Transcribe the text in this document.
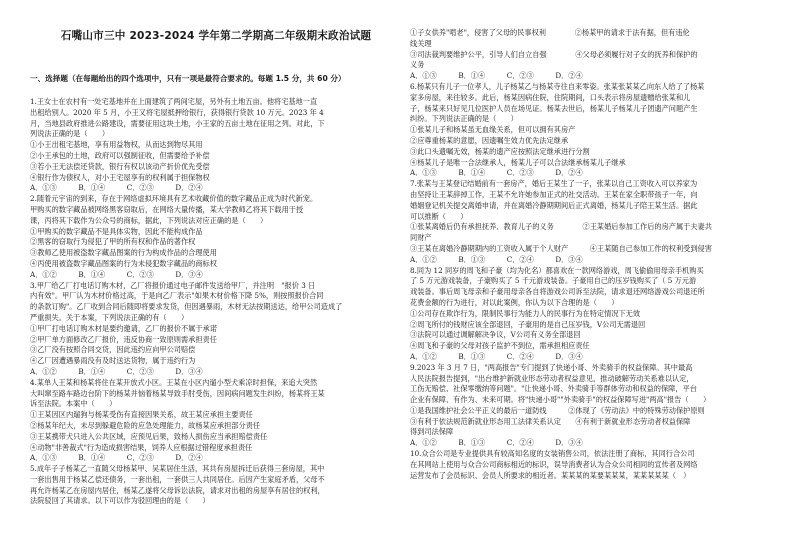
石嘴山市三中 2023-2024 学年第二学期高二年级期末政治试题
一、选择题（在每题给出的四个选项中，只有一项是最符合要求的。每题 1.5 分，共 60 分）
1.王女士在农村有一处宅基地并在上面建筑了两间宅屋，另外有土地五亩。他将宅基地一直
出租给别人。2020 年 5 月，小王又将宅屋抵押给银行，获得银行贷款 10 万元。2023 年 4
月，当地县政府推进公路建设，需要征用这块土地，小王家的五亩土地在征用之列。对此，下
列说法正确的是（　　）
①小王出租宅基地，享有用益物权，从而达到物尽其用
②小王承包的土地，政府可以强制征收，但需要给予补偿
③若小王无法偿还贷款，银行有权以该动产折价优先受偿
④银行作为债权人，对小王宅屋享有的权利属于担保物权
A．①③　　　B．①④　　　C．②③　　　D．②④
2.随着元宇宙的到来，存在于网络虚拟环境具有艺术收藏价值的数字藏品正成为时代新宠。
甲购买的数字藏品被网络黑客窃取后，在网络大量传播，某大学教师乙将其下载用于授
课，丙将其下载作为公众号的商标，据此，下列说法对应正确的是（　　）
①甲购买的数字藏品不是具体实物，因此不能构成作品
②黑客的窃取行为侵犯了甲的所有权和作品的著作权
③教师乙使用被盗数字藏品图案的行为构成作品的合理使用
④丙使用被盗数字藏品图案的行为未侵犯数字藏品的商标权
A．①②　　　B．①④　　　C．②③　　　D．③④
3.甲厂给乙厂打电话订购木材，乙厂将报价通过电子邮件发送给甲厂，并注明　"报价 3 日
内有效"。甲厂认为木材价格过高，于是向乙厂表示"如果木材价格下降 5%，则按照报价合同
的条款订购"。乙厂收到合同后随即将要求发货，但因遇暴雨，木材无法按期送达，给甲公司造成了
严重损失。关于本案，下列说法正确的有（　　）
①甲厂打电话订购木材是要约邀请，乙厂的报价不属于承诺
②甲厂单方面修改乙厂报价，违反协商一致原则需承担责任
③乙厂没有按照合同交货，因此违约应向甲公司赔偿
④乙厂因遭遇暴雨没有及时送达货物，属于违约行为
A．①②　　　B．①④　　　C．②③　　　D．③④
4.某单人王某和杨某将住在某开放式小区。王某在小区内遛小型犬乘凉时担保，来追大突然
大叫窜至路车路边台阶下的杨某并恼着杨某导致手肘受伤，因间病问题发生纠纷，杨某将王某
诉至法院。本案中（　　）
①王某因区内遛狗与杨某受伤有直接因果关系，故王某应承担主要责任
②杨某年纪大，未尽到躲避危险的应急处理能力，故杨某应承担部分责任
③王某携带犬只进入公共区域，应预见后果，致杨人损伤应当承担赔偿责任
④动物"非善裁式"行为造成损害结果，饲养人应根据过错程度承担责任
A．①③　　　B．①④　　　C．②③　　　D．②④
5.成年子子杨某乙一直随父母杨某甲、吴某居住生活，其共有房屋拆迁后获得三套房屋，其中
一套出售用于杨某乙偿还债务，一套出租，一套供三人共同居住。后因产生家庭矛盾，父母不
再允许杨某乙在房屋内居住，杨某乙遂将父母诉讼法院，请求对出租的房屋享有居住的权利，
法院驳回了其请求。以下可以作为驳回理由的是（　　）
①子女供养"啃老"，侵害了父母的民事权利　　　　②杨某甲的请求于法有据，但有违伦
线关理
③司法裁判要维护公平，引导人们自立自强　　　　④父母必须履行对子女的抚养和保护的
义务
A．①③　　　B．①④　　　C．②③　　　D．②④
6.杨某只有儿子一位孝人，儿子杨某乙与杨某寺往自来零姿。张某张某某乙向东人给了了杨某
家多房屋，来往较多。此后，杨某因病住院，住院期间，口头表示将房屋遗赠给张某和儿
子，杨某来只好见几位医护人员在场见证。杨某去世后，杨某儿子杨某儿子团遗产问题产生
纠纷。下列说法正确的是（　　）
①张某儿子和杨某虽无血缘关系，但可以拥有其房产
②应尊重杨某的意愿，因遗嘱生效力优先法定继承
③此口头遗嘱无效，杨某的遗产应按照法定继承进行分割
④杨某儿子是唯一合法继承人，杨某儿子可以合法继承杨某儿子继承
A．①③　　　B．①④　　　C．②③　　　D．②④
7.张某与王某登记结婚前有一套房产，婚后王某生了一子，张某以自己工资收入可以养家为
由坚持让王某辞掉工作，王某不允许她参加正式的社交活动。王某在家全职带孩子一年，向
婚姻登记机关提交离婚申请，并在离婚冷静期期间后正式离婚，杨某儿子陪王某生活。据此
可以推断（　　）
①张某离婚后仍有承担抚养、教育儿子的义务　　　　②王某婚后参加工作后的房产属于夫妻共
同财产
③王某在离婚冷静期期内的工资收入属于个人财产　　　④王某随自己参加工作的权利受到侵害
A．①②　　　B．①③　　　C．②④　　　D．③④
8.同为 12 同岁的周飞和子豪（均为化名）都喜欢在一款网络游戏，周飞偷偷用母亲手机购买
了 5 万元游戏装备，子豪购买了 5 千元游戏装备。子豪用自己的压岁钱购买了（ 5 万元游
戏装备。事后周飞母亲和子豪用母亲各自将游戏公司诉至法院，请求退还网络游戏公司退还所
花费金额的行为进行，对以此案例，你认为以下合理的是（　　）
①公司存在欺诈行为，限制民事行为能力人的民事行为在特定情况下无效
②周飞所付的钱财应该全部退回，子豪用的是自己压岁钱，Ⅴ公司无需退回
③法院可以通过调解解决争议，Ⅴ公司有义务全部退回
④周飞和子豪的父母对孩子监护不到位，需承担相应责任
A．①②　　　B．①③　　　C．②④　　　D．③④
9.2023 年 3 月 7 日，"两高报告"专门提到了快递小哥、外卖骑手的权益保障。其中最高
人民法院报告提到，"出台维护新就业形态劳动者权益意见，推动破解劳动关系难以认定，
工伤无赔偿、社保零缴纳等问题"。"让快递小哥、外卖骑手等群体劳动和权益的保障，平台
企业有保障、有作为、未来可期。将"快递小哥""外卖骑手"的权益保障写进"两高"报告（　　）
①是我国维护社会公平正义的最后一道防线　　　②体现了《劳动法》中的特殊劳动保护原则
③有利于依法规范新就业形态用工法律关系认定　　④有利于新就业形态劳动者权益保障
得到司法保障
A．①②　　　B．①③　　　C．②④　　　D．③④
10.众合公司是专业提供具有较高知名度的女装销售公司，依法注册了商标，其同行合公司
在其网站上使用与众合公司商标相近的标识，误导消费者认为合众公司相同的宣传者及网络
运营发布了会员标识、会员人所要求的相近者。某某某的某要某某某，某某某某某（　）
